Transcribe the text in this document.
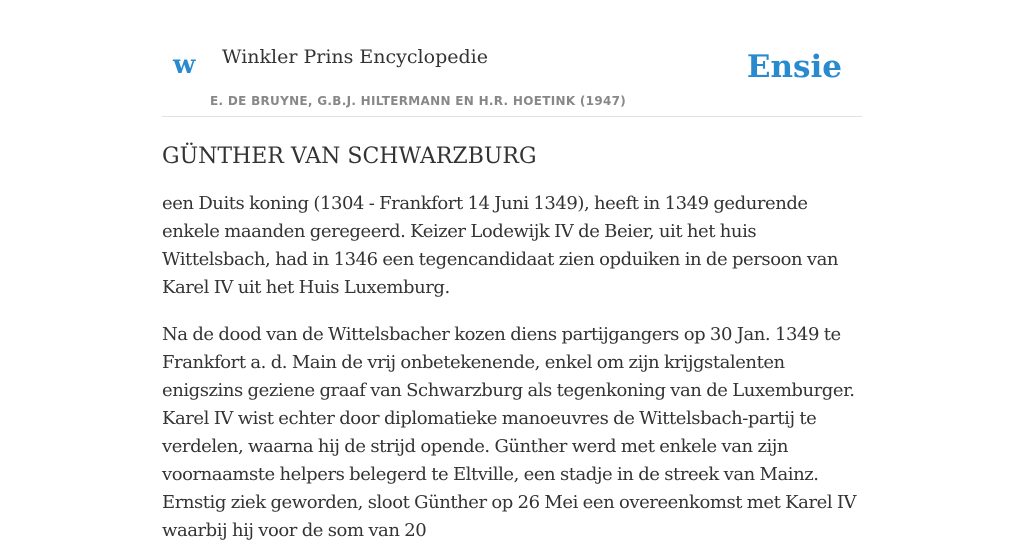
w Winkler Prins Encyclopedie
E. DE BRUYNE, G.B.J. HILTERMANN EN H.R. HOETINK (1947)
Ensie
GÜNTHER VAN SCHWARZBURG

een Duits koning (1304 - Frankfort 14 Juni 1349), heeft in 1349 gedurende enkele maanden geregeerd. Keizer Lodewijk IV de Beier, uit het huis Wittelsbach, had in 1346 een tegencandidaat zien opduiken in de persoon van Karel IV uit het Huis Luxemburg.

Na de dood van de Wittelsbacher kozen diens partijgangers op 30 Jan. 1349 te Frankfort a. d. Main de vrij onbetekenende, enkel om zijn krijgstalenten enigszins geziene graaf van Schwarzburg als tegenkoning van de Luxemburger. Karel IV wist echter door diplomatieke manoeuvres de Wittelsbach-partij te verdelen, waarna hij de strijd opende. Günther werd met enkele van zijn voornaamste helpers belegerd te Eltville, een stadje in de streek van Mainz. Ernstig ziek geworden, sloot Günther op 26 Mei een overeenkomst met Karel IV waarbij hij voor de som van 20
